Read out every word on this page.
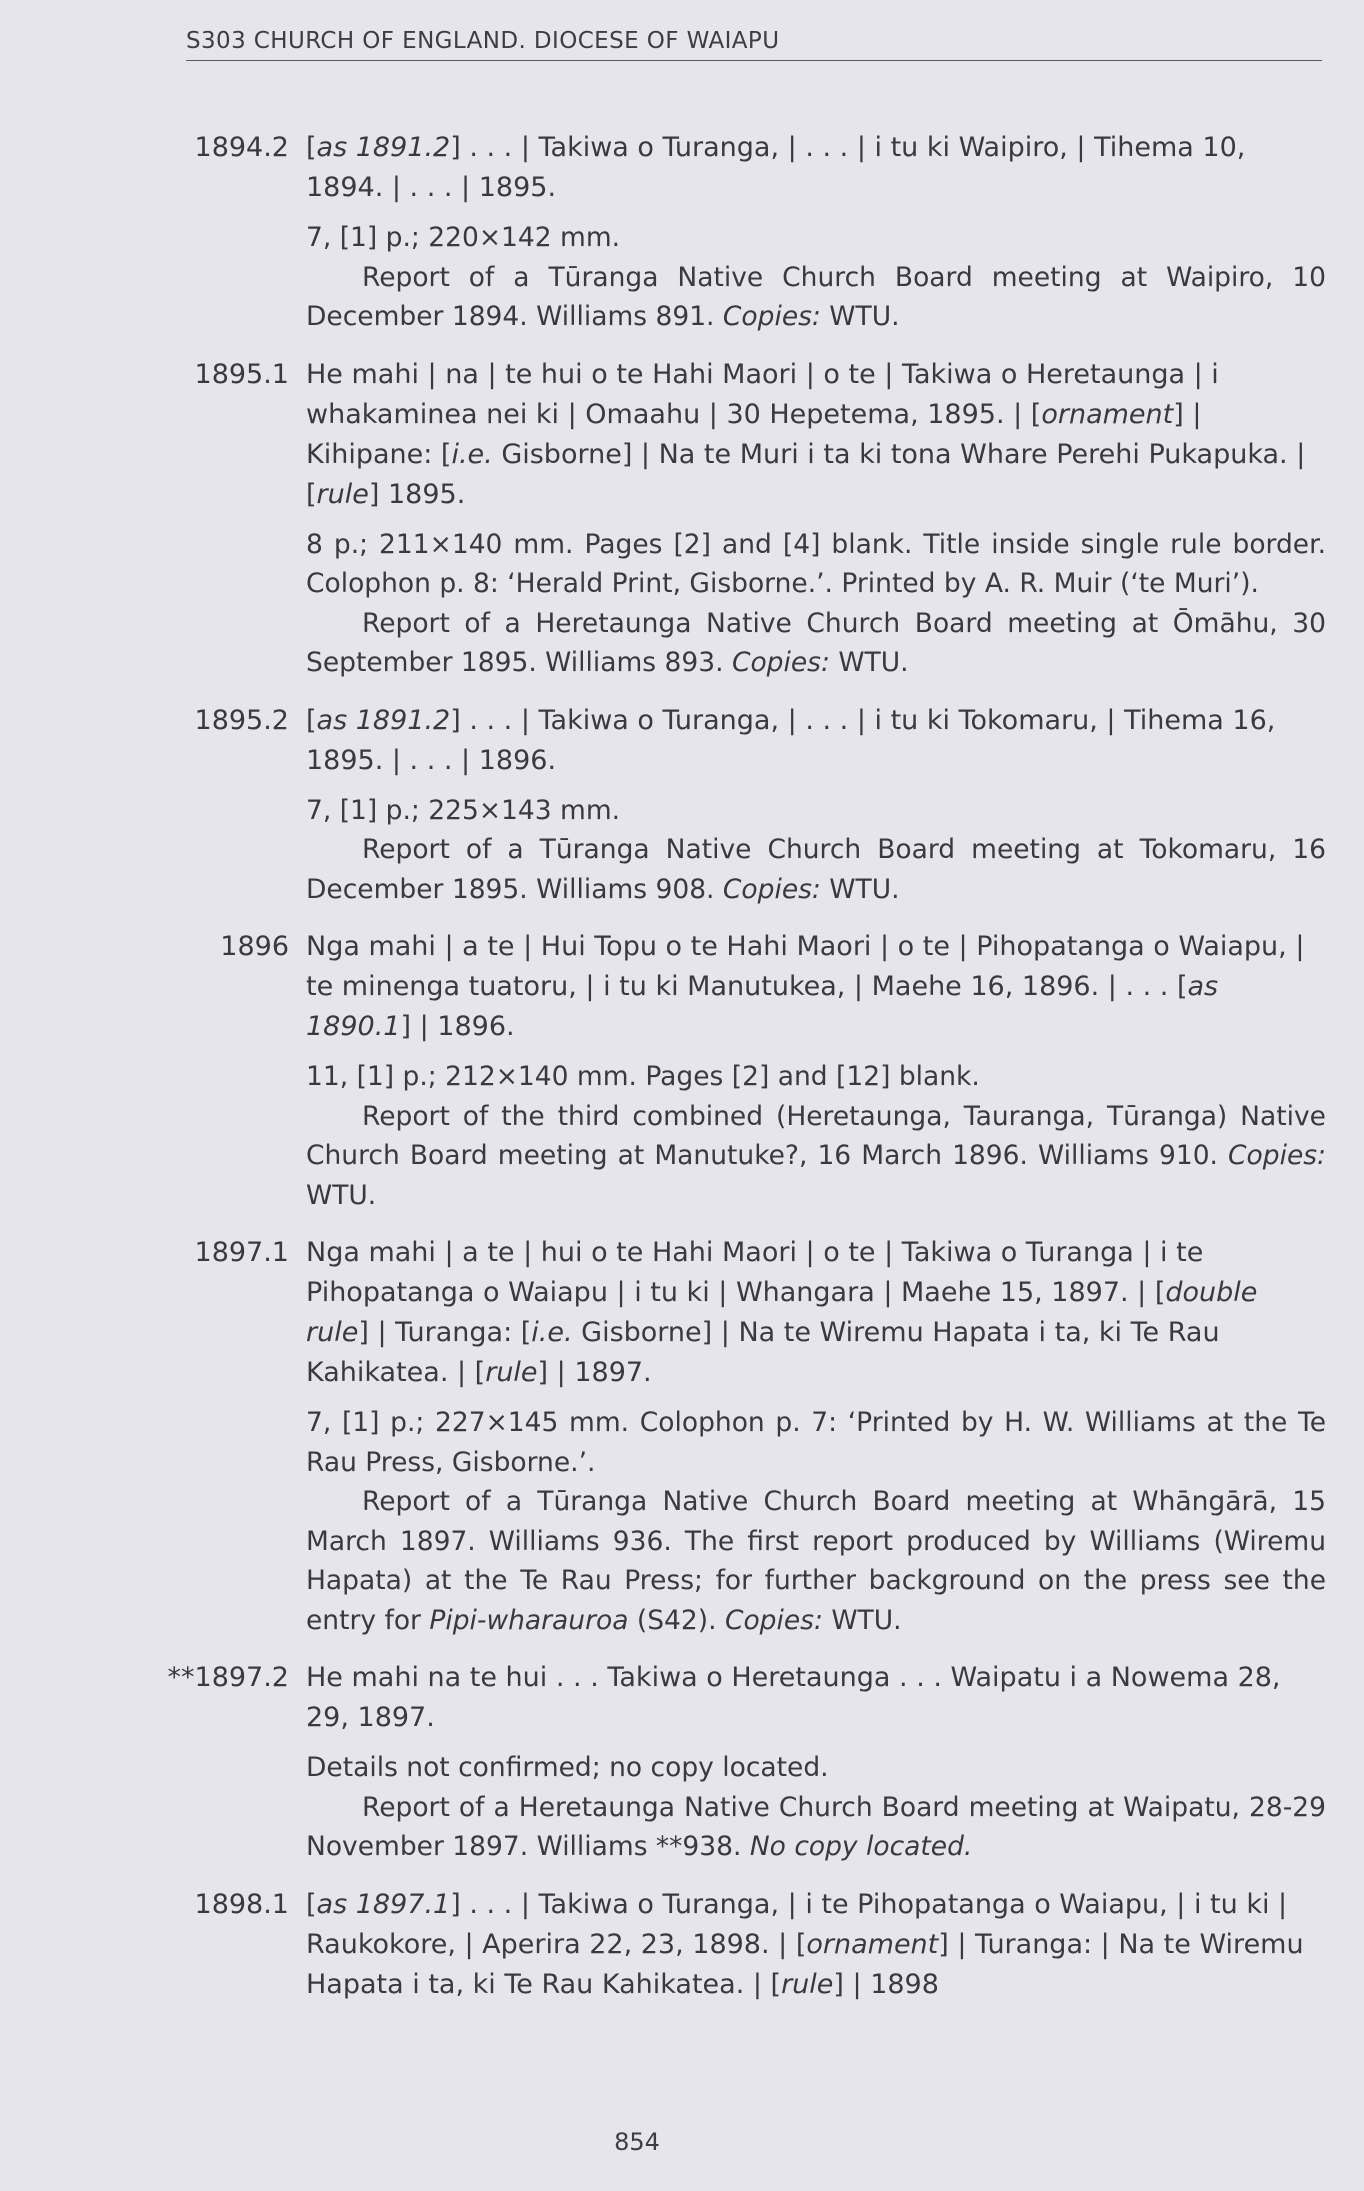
S303 CHURCH OF ENGLAND. DIOCESE OF WAIAPU
1894.2 [as 1891.2] . . . | Takiwa o Turanga, | . . . | i tu ki Waipiro, | Tihema 10, 1894. | . . . | 1895.

7, [1] p.; 220×142 mm.

Report of a Tūranga Native Church Board meeting at Waipiro, 10 December 1894. Williams 891. Copies: WTU.

1895.1 He mahi | na | te hui o te Hahi Maori | o te | Takiwa o Heretaunga | i whakaminea nei ki | Omaahu | 30 Hepetema, 1895. | [ornament] | Kihipane: [i.e. Gisborne] | Na te Muri i ta ki tona Whare Perehi Pukapuka. | [rule] 1895.

8 p.; 211×140 mm. Pages [2] and [4] blank. Title inside single rule border. Colophon p. 8: ‘Herald Print, Gisborne.’. Printed by A. R. Muir (‘te Muri’).

Report of a Heretaunga Native Church Board meeting at Ōmāhu, 30 September 1895. Williams 893. Copies: WTU.

1895.2 [as 1891.2] . . . | Takiwa o Turanga, | . . . | i tu ki Tokomaru, | Tihema 16, 1895. | . . . | 1896.

7, [1] p.; 225×143 mm.

Report of a Tūranga Native Church Board meeting at Tokomaru, 16 December 1895. Williams 908. Copies: WTU.

1896 Nga mahi | a te | Hui Topu o te Hahi Maori | o te | Pihopatanga o Waiapu, | te minenga tuatoru, | i tu ki Manutukea, | Maehe 16, 1896. | . . . [as 1890.1] | 1896.

11, [1] p.; 212×140 mm. Pages [2] and [12] blank.

Report of the third combined (Heretaunga, Tauranga, Tūranga) Native Church Board meeting at Manutuke?, 16 March 1896. Williams 910. Copies: WTU.

1897.1 Nga mahi | a te | hui o te Hahi Maori | o te | Takiwa o Turanga | i te Pihopatanga o Waiapu | i tu ki | Whangara | Maehe 15, 1897. | [double rule] | Turanga: [i.e. Gisborne] | Na te Wiremu Hapata i ta, ki Te Rau Kahikatea. | [rule] | 1897.

7, [1] p.; 227×145 mm. Colophon p. 7: ‘Printed by H. W. Williams at the Te Rau Press, Gisborne.’.

Report of a Tūranga Native Church Board meeting at Whāngārā, 15 March 1897. Williams 936. The first report produced by Williams (Wiremu Hapata) at the Te Rau Press; for further background on the press see the entry for Pipi-wharauroa (S42). Copies: WTU.

**1897.2 He mahi na te hui . . . Takiwa o Heretaunga . . . Waipatu i a Nowema 28, 29, 1897.

Details not confirmed; no copy located.

Report of a Heretaunga Native Church Board meeting at Waipatu, 28-29 November 1897. Williams **938. No copy located.

1898.1 [as 1897.1] . . . | Takiwa o Turanga, | i te Pihopatanga o Waiapu, | i tu ki | Raukokore, | Aperira 22, 23, 1898. | [ornament] | Turanga: | Na te Wiremu Hapata i ta, ki Te Rau Kahikatea. | [rule] | 1898

854
